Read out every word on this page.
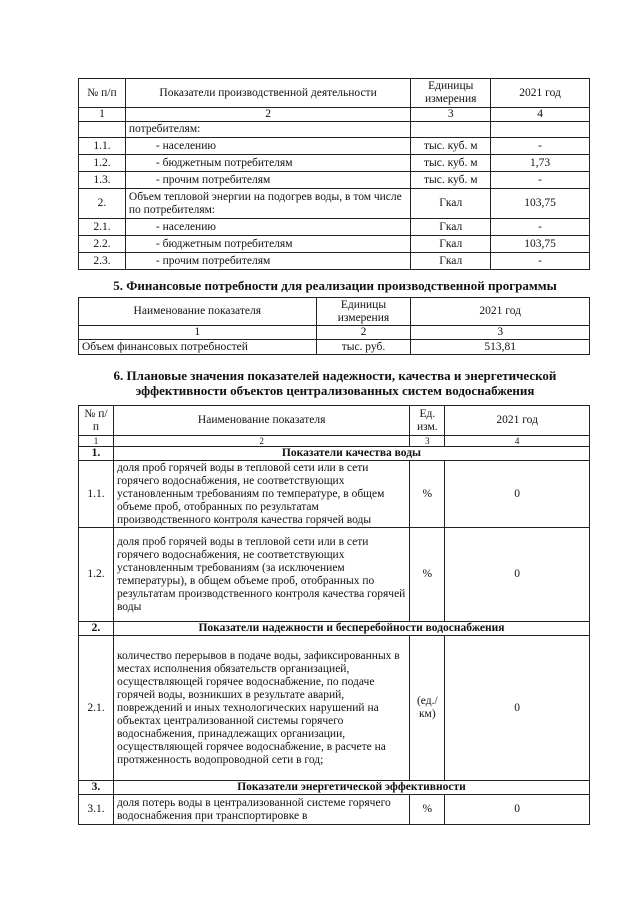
№ п/п	Показатели производственной деятельности	Единицы измерения	2021 год
1	2	3	4
	потребителям:		
1.1.	- населению	тыс. куб. м	-
1.2.	- бюджетным потребителям	тыс. куб. м	1,73
1.3.	- прочим потребителям	тыс. куб. м	-
2.	Объем тепловой энергии на подогрев воды, в том числе по потребителям:	Гкал	103,75
2.1.	- населению	Гкал	-
2.2.	- бюджетным потребителям	Гкал	103,75
2.3.	- прочим потребителям	Гкал	-
5. Финансовые потребности для реализации производственной программы
Наименование показателя	Единицы измерения	2021 год
1	2	3
Объем финансовых потребностей	тыс. руб.	513,81
6. Плановые значения показателей надежности, качества и энергетической
эффективности объектов централизованных систем водоснабжения
№ п/п	Наименование показателя	Ед. изм.	2021 год
1	2	3	4
1.	Показатели качества воды		
1.1.	доля проб горячей воды в тепловой сети или в сети горячего водоснабжения, не соответствующих установленным требованиям по температуре, в общем объеме проб, отобранных по результатам производственного контроля качества горячей воды	%	0
1.2.	доля проб горячей воды в тепловой сети или в сети горячего водоснабжения, не соответствующих установленным требованиям (за исключением температуры), в общем объеме проб, отобранных по результатам производственного контроля качества горячей воды	%	0
2.	Показатели надежности и бесперебойности водоснабжения		
2.1.	количество перерывов в подаче воды, зафиксированных в местах исполнения обязательств организацией, осуществляющей горячее водоснабжение, по подаче горячей воды, возникших в результате аварий, повреждений и иных технологических нарушений на объектах централизованной системы горячего водоснабжения, принадлежащих организации, осуществляющей горячее водоснабжение, в расчете на протяженность водопроводной сети в год;	(ед./км)	0
3.	Показатели энергетической эффективности		
3.1.	доля потерь воды в централизованной системе горячего водоснабжения при транспортировке в	%	0
